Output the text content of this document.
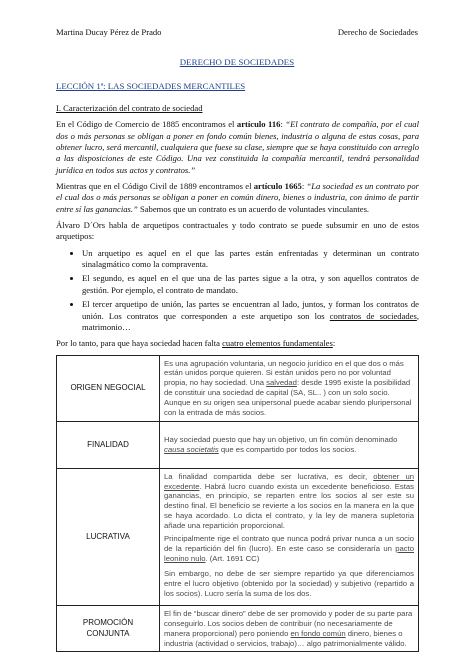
Martina Ducay Pérez de Prado	Derecho de Sociedades
DERECHO DE SOCIEDADES
LECCIÓN 1ª: LAS SOCIEDADES MERCANTILES

I. Caracterización del contrato de sociedad

En el Código de Comercio de 1885 encontramos el artículo 116: “El contrato de compañía, por el cual dos o más personas se obligan a poner en fondo común bienes, industria o alguna de estas cosas, para obtener lucro, será mercantil, cualquiera que fuese su clase, siempre que se haya constituido con arreglo a las disposiciones de este Código. Una vez constituida la compañía mercantil, tendrá personalidad jurídica en todos sus actos y contratos.”

Mientras que en el Código Civil de 1889 encontramos el artículo 1665: “La sociedad es un contrato por el cual dos o más personas se obligan a poner en común dinero, bienes o industria, con ánimo de partir entre sí las ganancias.” Sabemos que un contrato es un acuerdo de voluntades vinculantes.

Álvaro D´Ors habla de arquetipos contractuales y todo contrato se puede subsumir en uno de estos arquetipos:

• Un arquetipo es aquel en el que las partes están enfrentadas y determinan un contrato sinalagmático como la compraventa.
• El segundo, es aquel en el que una de las partes sigue a la otra, y son aquellos contratos de gestión. Por ejemplo, el contrato de mandato.
• El tercer arquetipo de unión, las partes se encuentran al lado, juntos, y forman los contratos de unión. Los contratos que corresponden a este arquetipo son los contratos de sociedades, matrimonio…

Por lo tanto, para que haya sociedad hacen falta cuatro elementos fundamentales:

ORIGEN NEGOCIAL	Es una agrupación voluntaria, un negocio jurídico en el que dos o más están unidos porque quieren. Si están unidos pero no por voluntad propia, no hay sociedad. Una salvedad: desde 1995 existe la posibilidad de constituir una sociedad de capital (SA, SL.. ) con un solo socio. Aunque en su origen sea unipersonal puede acabar siendo pluripersonal con la entrada de más socios.
FINALIDAD	Hay sociedad puesto que hay un objetivo, un fin común denominado causa societatis que es compartido por todos los socios.
LUCRATIVA	La finalidad compartida debe ser lucrativa, es decir, obtener un excedente. Habrá lucro cuando exista un excedente beneficioso. Estas ganancias, en principio, se reparten entre los socios al ser este su destino final. El beneficio se revierte a los socios en la manera en la que se haya acordado. Lo dicta el contrato, y la ley de manera supletoria añade una repartición proporcional.

Principalmente rige el contrato que nunca podrá privar nunca a un socio de la repartición del fin (lucro). En este caso se consideraría un pacto leonino nulo. (Art. 1691 CC)

Sin embargo, no debe de ser siempre repartido ya que diferenciamos entre el lucro objetivo (obtenido por la sociedad) y subjetivo (repartido a los socios). Lucro sería la suma de los dos.

PROMOCIÓN CONJUNTA	El fin de “buscar dinero” debe de ser promovido y poder de su parte para conseguirlo. Los socios deben de contribuir (no necesariamente de manera proporcional) pero poniendo en fondo común dinero, bienes o industria (actividad o servicios, trabajo)… algo patrimonialmente válido.
